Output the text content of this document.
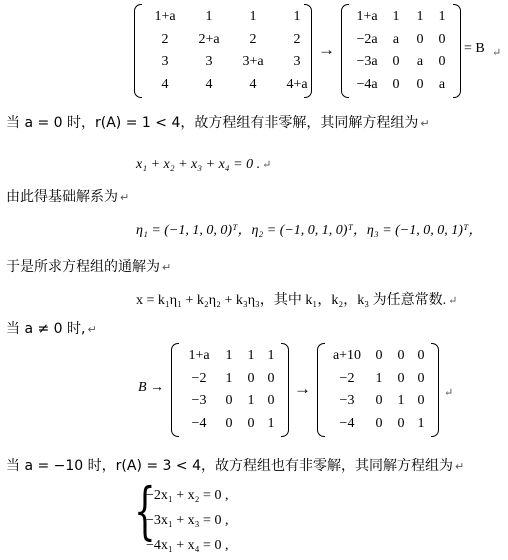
1+a 1	1	1
2 2+a 2	2
3	3 3+a 3
4	4	4 4+a
→
1+a 1 1 1
−2a a 0 0
−3a 0 a 0
−4a 0 0 a
= B ↵
当 a = 0 时，r(A) = 1 < 4，故方程组有非零解，其同解方程组为 ↵
x₁ + x₂ + x₃ + x₄ = 0 . ↵
由此得基础解系为 ↵
η₁ = (−1, 1, 0, 0)ᵀ，η₂ = (−1, 0, 1, 0)ᵀ，η₃ = (−1, 0, 0, 1)ᵀ，
于是所求方程组的通解为 ↵
x = k₁η₁ + k₂η₂ + k₃η₃，其中 k₁，k₂，k₃ 为任意常数. ↵
当 a ≠ 0 时, ↵
B →
1+a 1 1 1
−2 1 0 0
−3 0 1 0
−4 0 0 1
→
a+10 0 0 0
−2 1 0 0
−3 0 1 0
−4 0 0 1
↵
当 a = −10 时，r(A) = 3 < 4，故方程组也有非零解，其同解方程组为 ↵
{
−2x₁ + x₂ = 0 ,
−3x₁ + x₃ = 0 ,
−4x₁ + x₄ = 0 ,
